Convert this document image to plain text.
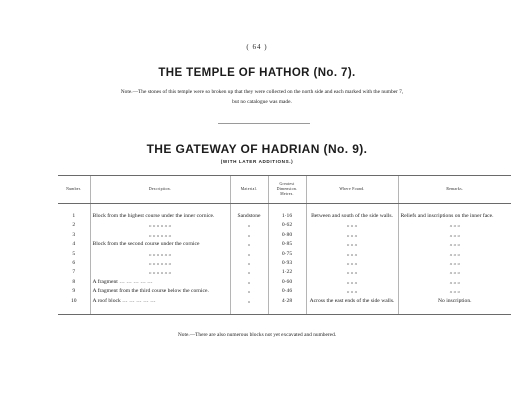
( 64 )
THE TEMPLE OF HATHOR (No. 7).
Note.—The stones of this temple were so broken up that they were collected on the north side and each marked with the number 7,
but no catalogue was made.
THE GATEWAY OF HADRIAN (No. 9).
(WITH LATER ADDITIONS.)
Number.	Description.	Material.	Greatest Dimension. Metres.	Where Found.	Remarks.
1	Block from the highest course under the inner cornice.	Sandstone	1·16	Between and south of the side walls.	Reliefs and inscriptions on the inner face.
2	„ „ „ „ „ „	„	0·62	„ „ „	„ „ „
3	„ „ „ „ „ „	„	0·80	„ „ „	„ „ „
4	Block from the second course under the cornice	„	0·85	„ „ „	„ „ „
5	„ „ „ „ „ „	„	0·75	„ „ „	„ „ „
6	„ „ „ „ „ „	„	0·93	„ „ „	„ „ „
7	„ „ „ „ „ „	„	1·22	„ „ „	„ „ „
8	A fragment … … … … …	„	0·60	„ „ „	„ „ „
9	A fragment from the third course below the cornice.	„	0·46	„ „ „	„ „ „
10	A roof block … … … … …	„	4·28	Across the east ends of the side walls.	No inscription.
Note.—There are also numerous blocks not yet excavated and numbered.
